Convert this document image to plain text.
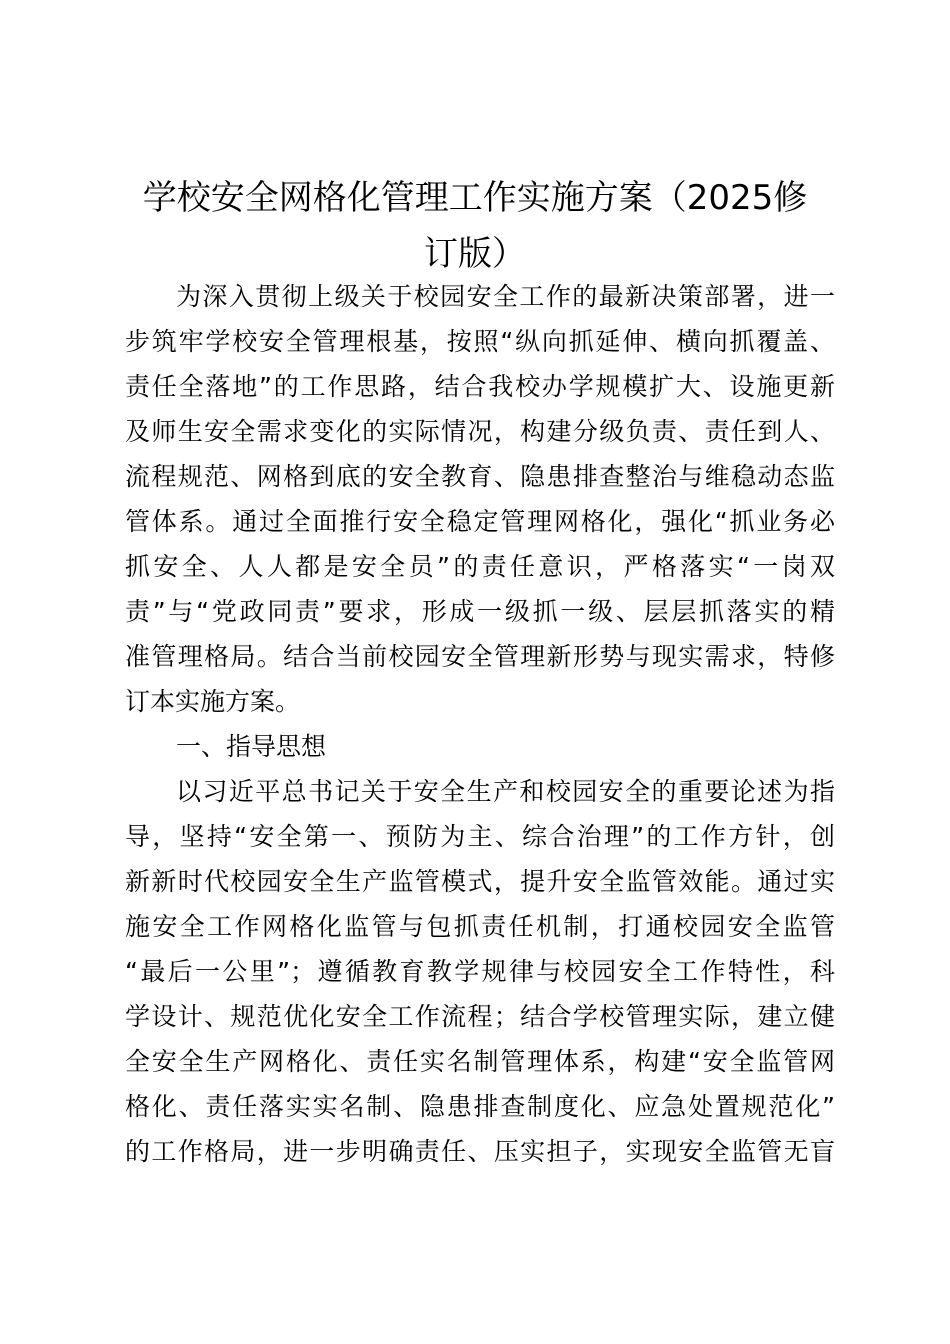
学校安全网格化管理工作实施方案（2025修
订版）
为深入贯彻上级关于校园安全工作的最新决策部署，进一
步筑牢学校安全管理根基，按照“纵向抓延伸、横向抓覆盖、
责任全落地”的工作思路，结合我校办学规模扩大、设施更新
及师生安全需求变化的实际情况，构建分级负责、责任到人、
流程规范、网格到底的安全教育、隐患排查整治与维稳动态监
管体系。通过全面推行安全稳定管理网格化，强化“抓业务必
抓安全、人人都是安全员”的责任意识，严格落实“一岗双
责”与“党政同责”要求，形成一级抓一级、层层抓落实的精
准管理格局。结合当前校园安全管理新形势与现实需求，特修
订本实施方案。
一、指导思想
以习近平总书记关于安全生产和校园安全的重要论述为指
导，坚持“安全第一、预防为主、综合治理”的工作方针，创
新新时代校园安全生产监管模式，提升安全监管效能。通过实
施安全工作网格化监管与包抓责任机制，打通校园安全监管
“最后一公里”；遵循教育教学规律与校园安全工作特性，科
学设计、规范优化安全工作流程；结合学校管理实际，建立健
全安全生产网格化、责任实名制管理体系，构建“安全监管网
格化、责任落实实名制、隐患排查制度化、应急处置规范化”
的工作格局，进一步明确责任、压实担子，实现安全监管无盲
